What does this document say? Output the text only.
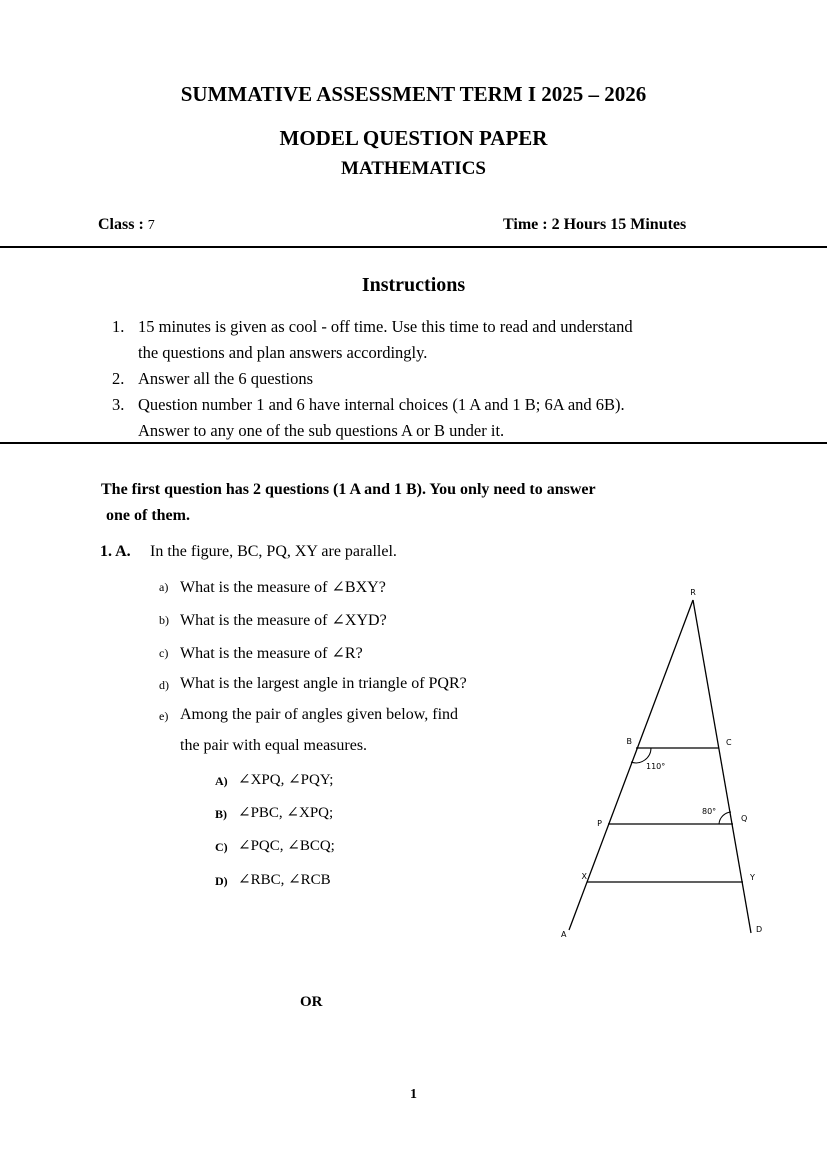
SUMMATIVE ASSESSMENT TERM I 2025 – 2026
MODEL QUESTION PAPER
MATHEMATICS
Class : 7	Time : 2 Hours 15 Minutes
Instructions
1. 15 minutes is given as cool - off time. Use this time to read and understand
the questions and plan answers accordingly.
2. Answer all the 6 questions
3. Question number 1 and 6 have internal choices (1 A and 1 B; 6A and 6B).
Answer to any one of the sub questions A or B under it.
The first question has 2 questions (1 A and 1 B). You only need to answer
one of them.
1. A. In the figure, BC, PQ, XY are parallel.
a) What is the measure of ∠BXY?
b) What is the measure of ∠XYD?
c) What is the measure of ∠R?
d) What is the largest angle in triangle of PQR?
e) Among the pair of angles given below, find
the pair with equal measures.
A) ∠XPQ, ∠PQY;
B) ∠PBC, ∠XPQ;
C) ∠PQC, ∠BCQ;
D) ∠RBC, ∠RCB
R
B	C
P
Q
X	Y
A
D
110°
80°
OR
1
